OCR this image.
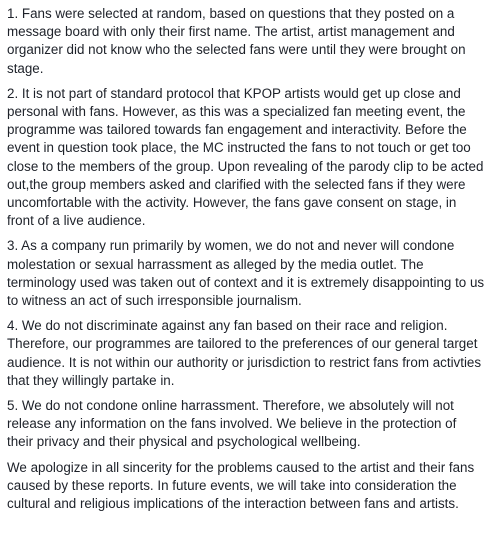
1. Fans were selected at random, based on questions that they posted on a message board with only their first name. The artist, artist management and organizer did not know who the selected fans were until they were brought on stage.

2. It is not part of standard protocol that KPOP artists would get up close and personal with fans. However, as this was a specialized fan meeting event, the programme was tailored towards fan engagement and interactivity. Before the event in question took place, the MC instructed the fans to not touch or get too close to the members of the group. Upon revealing of the parody clip to be acted out,the group members asked and clarified with the selected fans if they were uncomfortable with the activity. However, the fans gave consent on stage, in front of a live audience.

3. As a company run primarily by women, we do not and never will condone molestation or sexual harrassment as alleged by the media outlet. The terminology used was taken out of context and it is extremely disappointing to us to witness an act of such irresponsible journalism.

4. We do not discriminate against any fan based on their race and religion. Therefore, our programmes are tailored to the preferences of our general target audience. It is not within our authority or jurisdiction to restrict fans from activties that they willingly partake in.

5. We do not condone online harrassment. Therefore, we absolutely will not release any information on the fans involved. We believe in the protection of their privacy and their physical and psychological wellbeing.

We apologize in all sincerity for the problems caused to the artist and their fans caused by these reports. In future events, we will take into consideration the cultural and religious implications of the interaction between fans and artists.
